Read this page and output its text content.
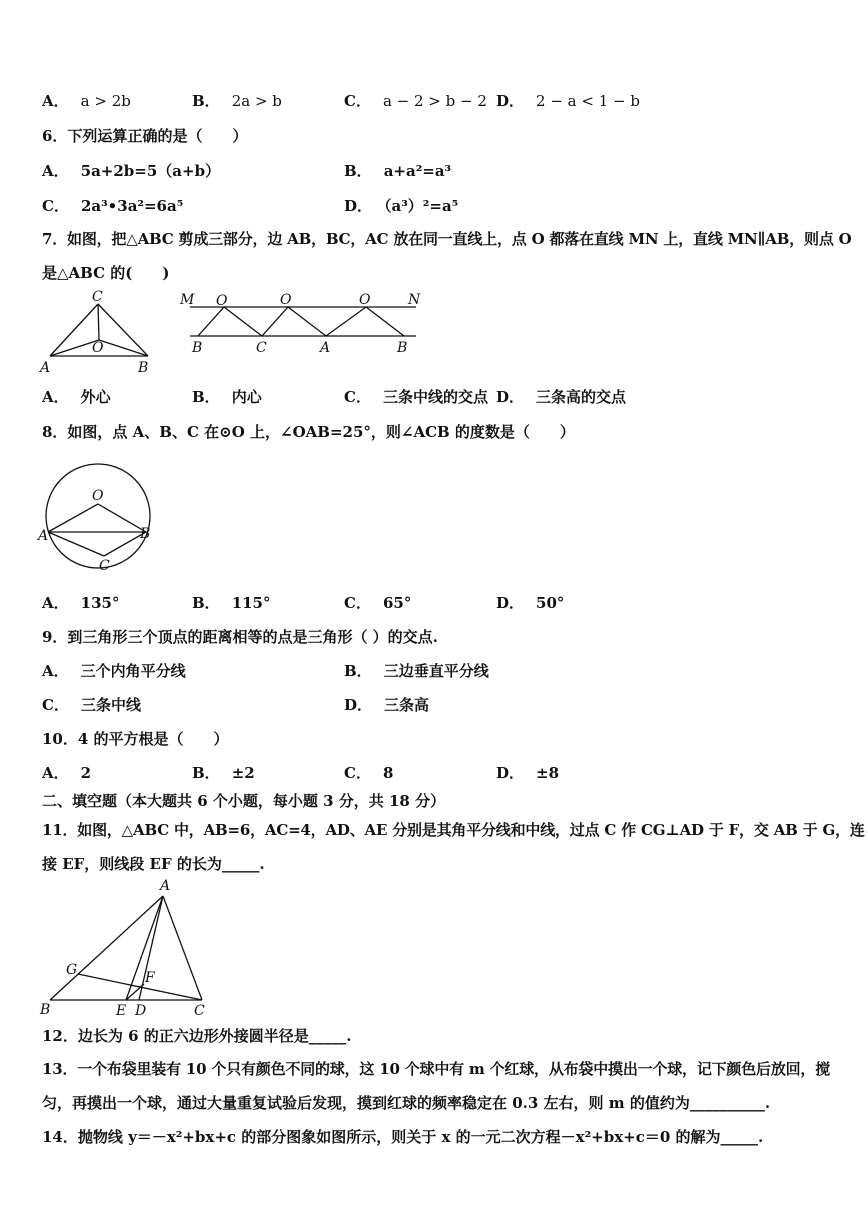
A． a > 2b	B． 2a > b	C． a − 2 > b − 2 D． 2 − a < 1 − b
6．下列运算正确的是（　　）
A． 5a+2b=5（a+b）	B． a+a²=a³
C． 2a³•3a²=6a⁵	D． （a³）²=a⁵
7．如图，把△ABC 剪成三部分，边 AB，BC，AC 放在同一直线上，点 O 都落在直线 MN 上，直线 MN∥AB，则点 O
是△ABC 的(　　)
C
O
A	B
M	N
O	O	O
B	C	A	B
A． 外心	B． 内心	C． 三条中线的交点 D． 三条高的交点
8．如图，点 A、B、C 在⊙O 上，∠OAB=25°，则∠ACB 的度数是（　　）
O
A	B
C
A． 135°	B． 115°	C． 65°	D． 50°
9．到三角形三个顶点的距离相等的点是三角形（ ）的交点.
A． 三个内角平分线	B． 三边垂直平分线
C． 三条中线	D． 三条高
10．4 的平方根是（　　）
A． 2	B． ±2	C． 8	D． ±8
二、填空题（本大题共 6 个小题，每小题 3 分，共 18 分）
11．如图，△ABC 中，AB=6，AC=4，AD、AE 分别是其角平分线和中线，过点 C 作 CG⊥AD 于 F，交 AB 于 G，连
接 EF，则线段 EF 的长为_____.
A
G	F
B	E D	C
12．边长为 6 的正六边形外接圆半径是_____.
13．一个布袋里装有 10 个只有颜色不同的球，这 10 个球中有 m 个红球，从布袋中摸出一个球，记下颜色后放回，搅
匀，再摸出一个球，通过大量重复试验后发现，摸到红球的频率稳定在 0.3 左右，则 m 的值约为__________.
14．抛物线 y＝－x²+bx+c 的部分图象如图所示，则关于 x 的一元二次方程－x²+bx+c＝0 的解为_____.
